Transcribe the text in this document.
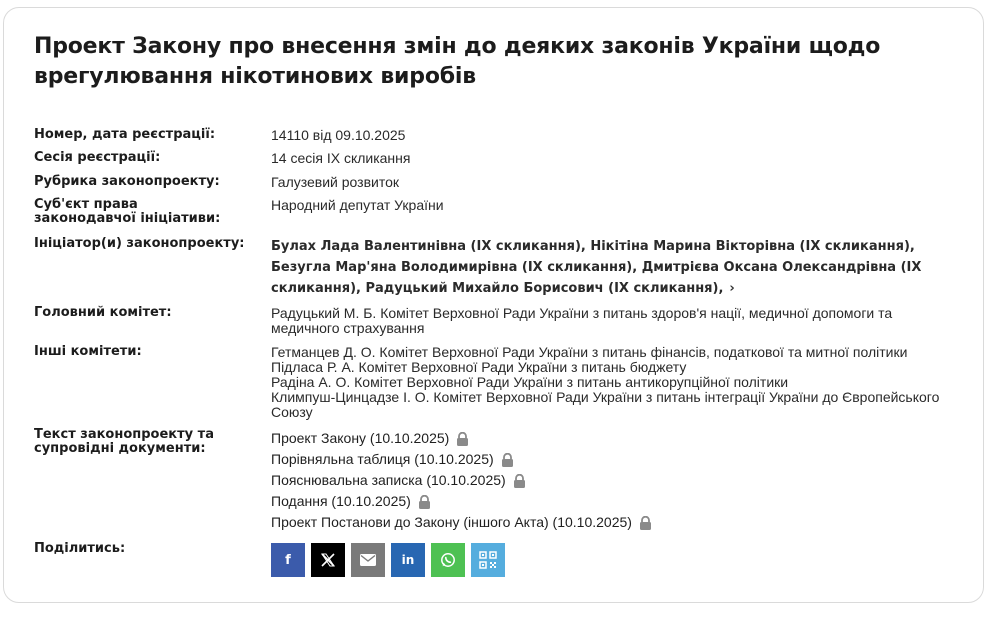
Проект Закону про внесення змін до деяких законів України щодо врегулювання нікотинових виробів
Номер, дата реєстрації:	14110 від 09.10.2025
Сесія реєстрації:	14 сесія IX скликання
Рубрика законопроекту:	Галузевий розвиток
Суб'єкт права законодавчої ініціативи:
Народний депутат України
Ініціатор(и) законопроекту:	Булах Лада Валентинівна (IX скликання), Нікітіна Марина Вікторівна (IX скликання), Безугла Мар'яна Володимирівна (IX скликання), Дмитрієва Оксана Олександрівна (IX скликання), Радуцький Михайло Борисович (IX скликання), ›
Головний комітет:	Радуцький М. Б. Комітет Верховної Ради України з питань здоров'я нації, медичної допомоги та медичного страхування
Інші комітети:	Гетманцев Д. О. Комітет Верховної Ради України з питань фінансів, податкової та митної політики
Підласа Р. А. Комітет Верховної Ради України з питань бюджету
Радіна А. О. Комітет Верховної Ради України з питань антикорупційної політики
Климпуш-Цинцадзе І. О. Комітет Верховної Ради України з питань інтеграції України до Європейського Союзу
Текст законопроекту та супровідні документи:
Проект Закону (10.10.2025)
Порівняльна таблиця (10.10.2025)
Пояснювальна записка (10.10.2025)
Подання (10.10.2025)
Проект Постанови до Закону (іншого Акта) (10.10.2025)
Поділитись:
f	in
